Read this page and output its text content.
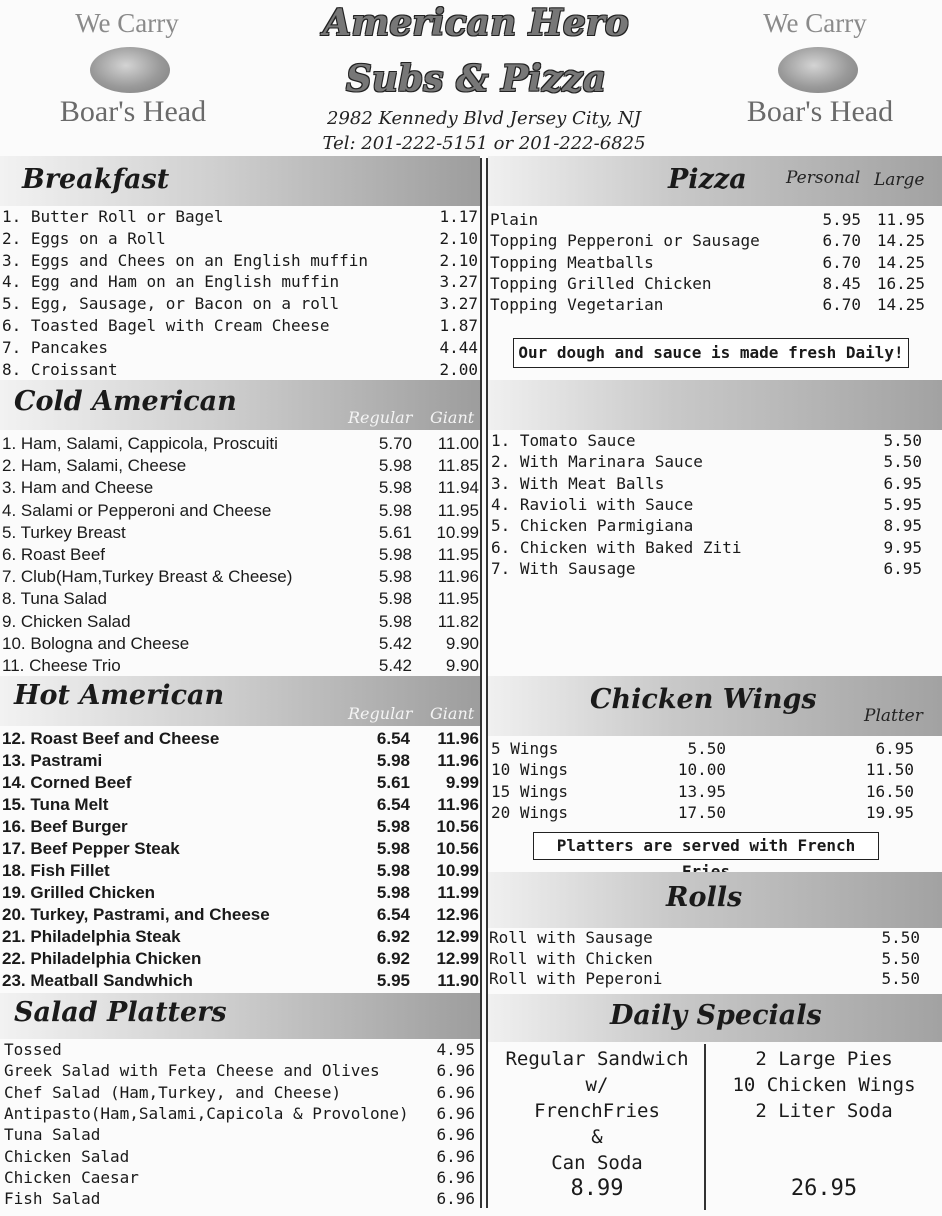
We Carry
Boar's Head
We Carry
Boar's Head
American Hero
Subs & Pizza
2982 Kennedy Blvd Jersey City, NJ
Tel: 201-222-5151 or 201-222-6825
Breakfast
1. Butter Roll or Bagel	1.17
2. Eggs on a Roll	2.10
3. Eggs and Chees on an English muffin	2.10
4. Egg and Ham on an English muffin	3.27
5. Egg, Sausage, or Bacon on a roll	3.27
6. Toasted Bagel with Cream Cheese	1.87
7. Pancakes	4.44
8. Croissant	2.00
Cold American
Regular Giant
1. Ham, Salami, Cappicola, Proscuiti	5.70	11.00
2. Ham, Salami, Cheese	5.98	11.85
3. Ham and Cheese	5.98	11.94
4. Salami or Pepperoni and Cheese	5.98	11.95
5. Turkey Breast	5.61	10.99
6. Roast Beef	5.98	11.95
7. Club(Ham,Turkey Breast & Cheese)	5.98	11.96
8. Tuna Salad	5.98	11.95
9. Chicken Salad	5.98	11.82
10. Bologna and Cheese	5.42	9.90
11. Cheese Trio	5.42	9.90
Hot American
Regular Giant
12. Roast Beef and Cheese	6.54	11.96
13. Pastrami	5.98	11.96
14. Corned Beef	5.61	9.99
15. Tuna Melt	6.54	11.96
16. Beef Burger	5.98	10.56
17. Beef Pepper Steak	5.98	10.56
18. Fish Fillet	5.98	10.99
19. Grilled Chicken	5.98	11.99
20. Turkey, Pastrami, and Cheese	6.54	12.96
21. Philadelphia Steak	6.92	12.99
22. Philadelphia Chicken	6.92	12.99
23. Meatball Sandwhich	5.95	11.90
Salad Platters
Tossed	4.95
Greek Salad with Feta Cheese and Olives	6.96
Chef Salad (Ham,Turkey, and Cheese)	6.96
Antipasto(Ham,Salami,Capicola & Provolone)	6.96
Tuna Salad	6.96
Chicken Salad	6.96
Chicken Caesar	6.96
Fish Salad	6.96
Pizza Personal Large
Plain	5.95 11.95
Topping Pepperoni or Sausage	6.70 14.25
Topping Meatballs	6.70 14.25
Topping Grilled Chicken	8.45 16.25
Topping Vegetarian	6.70 14.25
Our dough and sauce is made fresh Daily!
1. Tomato Sauce	5.50
2. With Marinara Sauce	5.50
3. With Meat Balls	6.95
4. Ravioli with Sauce	5.95
5. Chicken Parmigiana	8.95
6. Chicken with Baked Ziti	9.95
7. With Sausage	6.95
Chicken Wings
Platter
5 Wings	5.50	6.95
10 Wings	10.00	11.50
15 Wings	13.95	16.50
20 Wings	17.50	19.95
Platters are served with French
Rolls
Roll with Sausage	5.50
Roll with Chicken	5.50
Roll with Peperoni	5.50
Daily Specials
Regular Sandwich
w/
FrenchFries
&
Can Soda
8.99
2 Large Pies
10 Chicken Wings
2 Liter Soda
26.95
